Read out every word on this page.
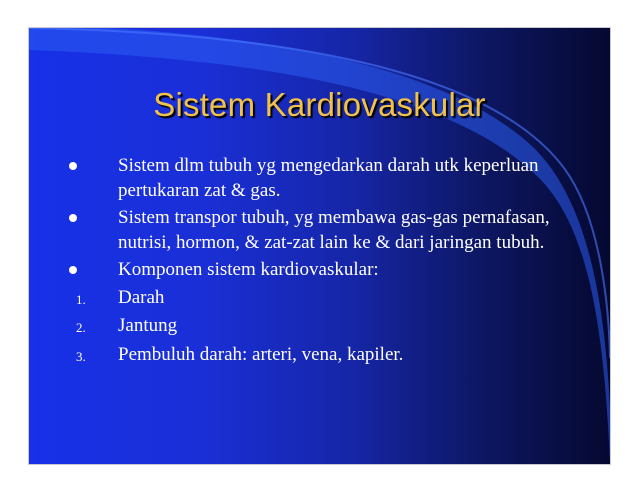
Sistem Kardiovaskular
Sistem dlm tubuh yg mengedarkan darah utk keperluan pertukaran zat & gas.
Sistem transpor tubuh, yg membawa gas-gas pernafasan, nutrisi, hormon, & zat-zat lain ke & dari jaringan tubuh.
Komponen sistem kardiovaskular:
1.	Darah
2.	Jantung
3.	Pembuluh darah: arteri, vena, kapiler.
